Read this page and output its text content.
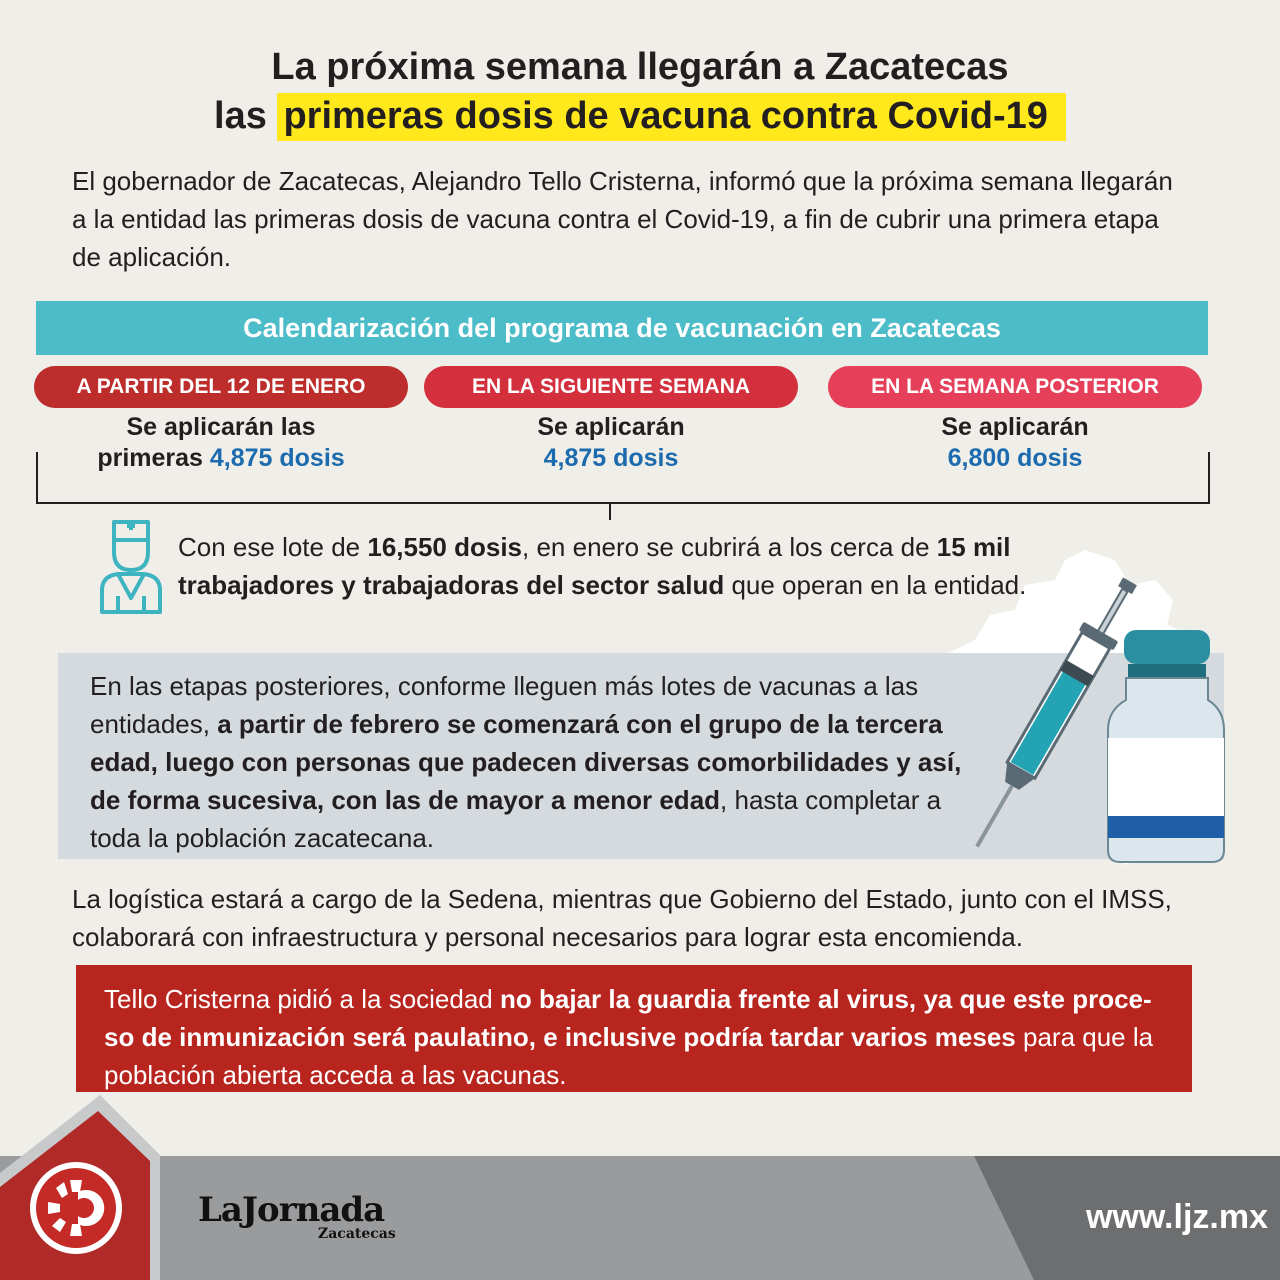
La próxima semana llegarán a Zacatecas
las primeras dosis de vacuna contra Covid-19
El gobernador de Zacatecas, Alejandro Tello Cristerna, informó que la próxima semana llegarán a la entidad las primeras dosis de vacuna contra el Covid-19, a fin de cubrir una primera etapa de aplicación.
Calendarización del programa de vacunación en Zacatecas
A PARTIR DEL 12 DE ENERO	EN LA SIGUIENTE SEMANA	EN LA SEMANA POSTERIOR
Se aplicarán las
primeras 4,875 dosis
Se aplicarán
4,875 dosis
Se aplicarán
6,800 dosis
En las etapas posteriores, conforme lleguen más lotes de vacunas a las entidades, a partir de febrero se comenzará con el grupo de la tercera edad, luego con personas que padecen diversas comorbilidades y así, de forma sucesiva, con las de mayor a menor edad, hasta completar a toda la población zacatecana.
Con ese lote de 16,550 dosis, en enero se cubrirá a los cerca de 15 mil trabajadores y trabajadoras del sector salud que operan en la entidad.
La logística estará a cargo de la Sedena, mientras que Gobierno del Estado, junto con el IMSS, colaborará con infraestructura y personal necesarios para lograr esta encomienda.
Tello Cristerna pidió a la sociedad no bajar la guardia frente al virus, ya que este proce-so de inmunización será paulatino, e inclusive podría tardar varios meses para que la población abierta acceda a las vacunas.
www.ljz.mx
LaJornada
Zacatecas
